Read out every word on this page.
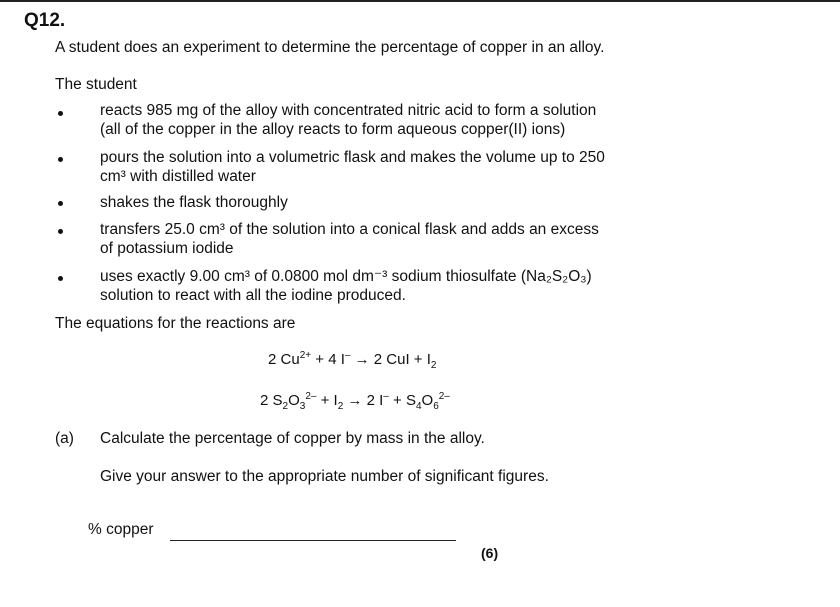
Q12.
A student does an experiment to determine the percentage of copper in an alloy.
The student
reacts 985 mg of the alloy with concentrated nitric acid to form a solution
(all of the copper in the alloy reacts to form aqueous copper(II) ions)
pours the solution into a volumetric flask and makes the volume up to 250
cm³ with distilled water
shakes the flask thoroughly
transfers 25.0 cm³ of the solution into a conical flask and adds an excess
of potassium iodide
uses exactly 9.00 cm³ of 0.0800 mol dm⁻³ sodium thiosulfate (Na₂S₂O₃)
solution to react with all the iodine produced.
The equations for the reactions are
2 $Cu^{2+} + 4$ I– → 2 CuI + $I_2$
2 $S_2O_3^{2-} + I_2 \to 2$ $I^- + S_4O_6^{2-}$
(a) Calculate the percentage of copper by mass in the alloy.
Give your answer to the appropriate number of significant figures.
% copper
(6)
